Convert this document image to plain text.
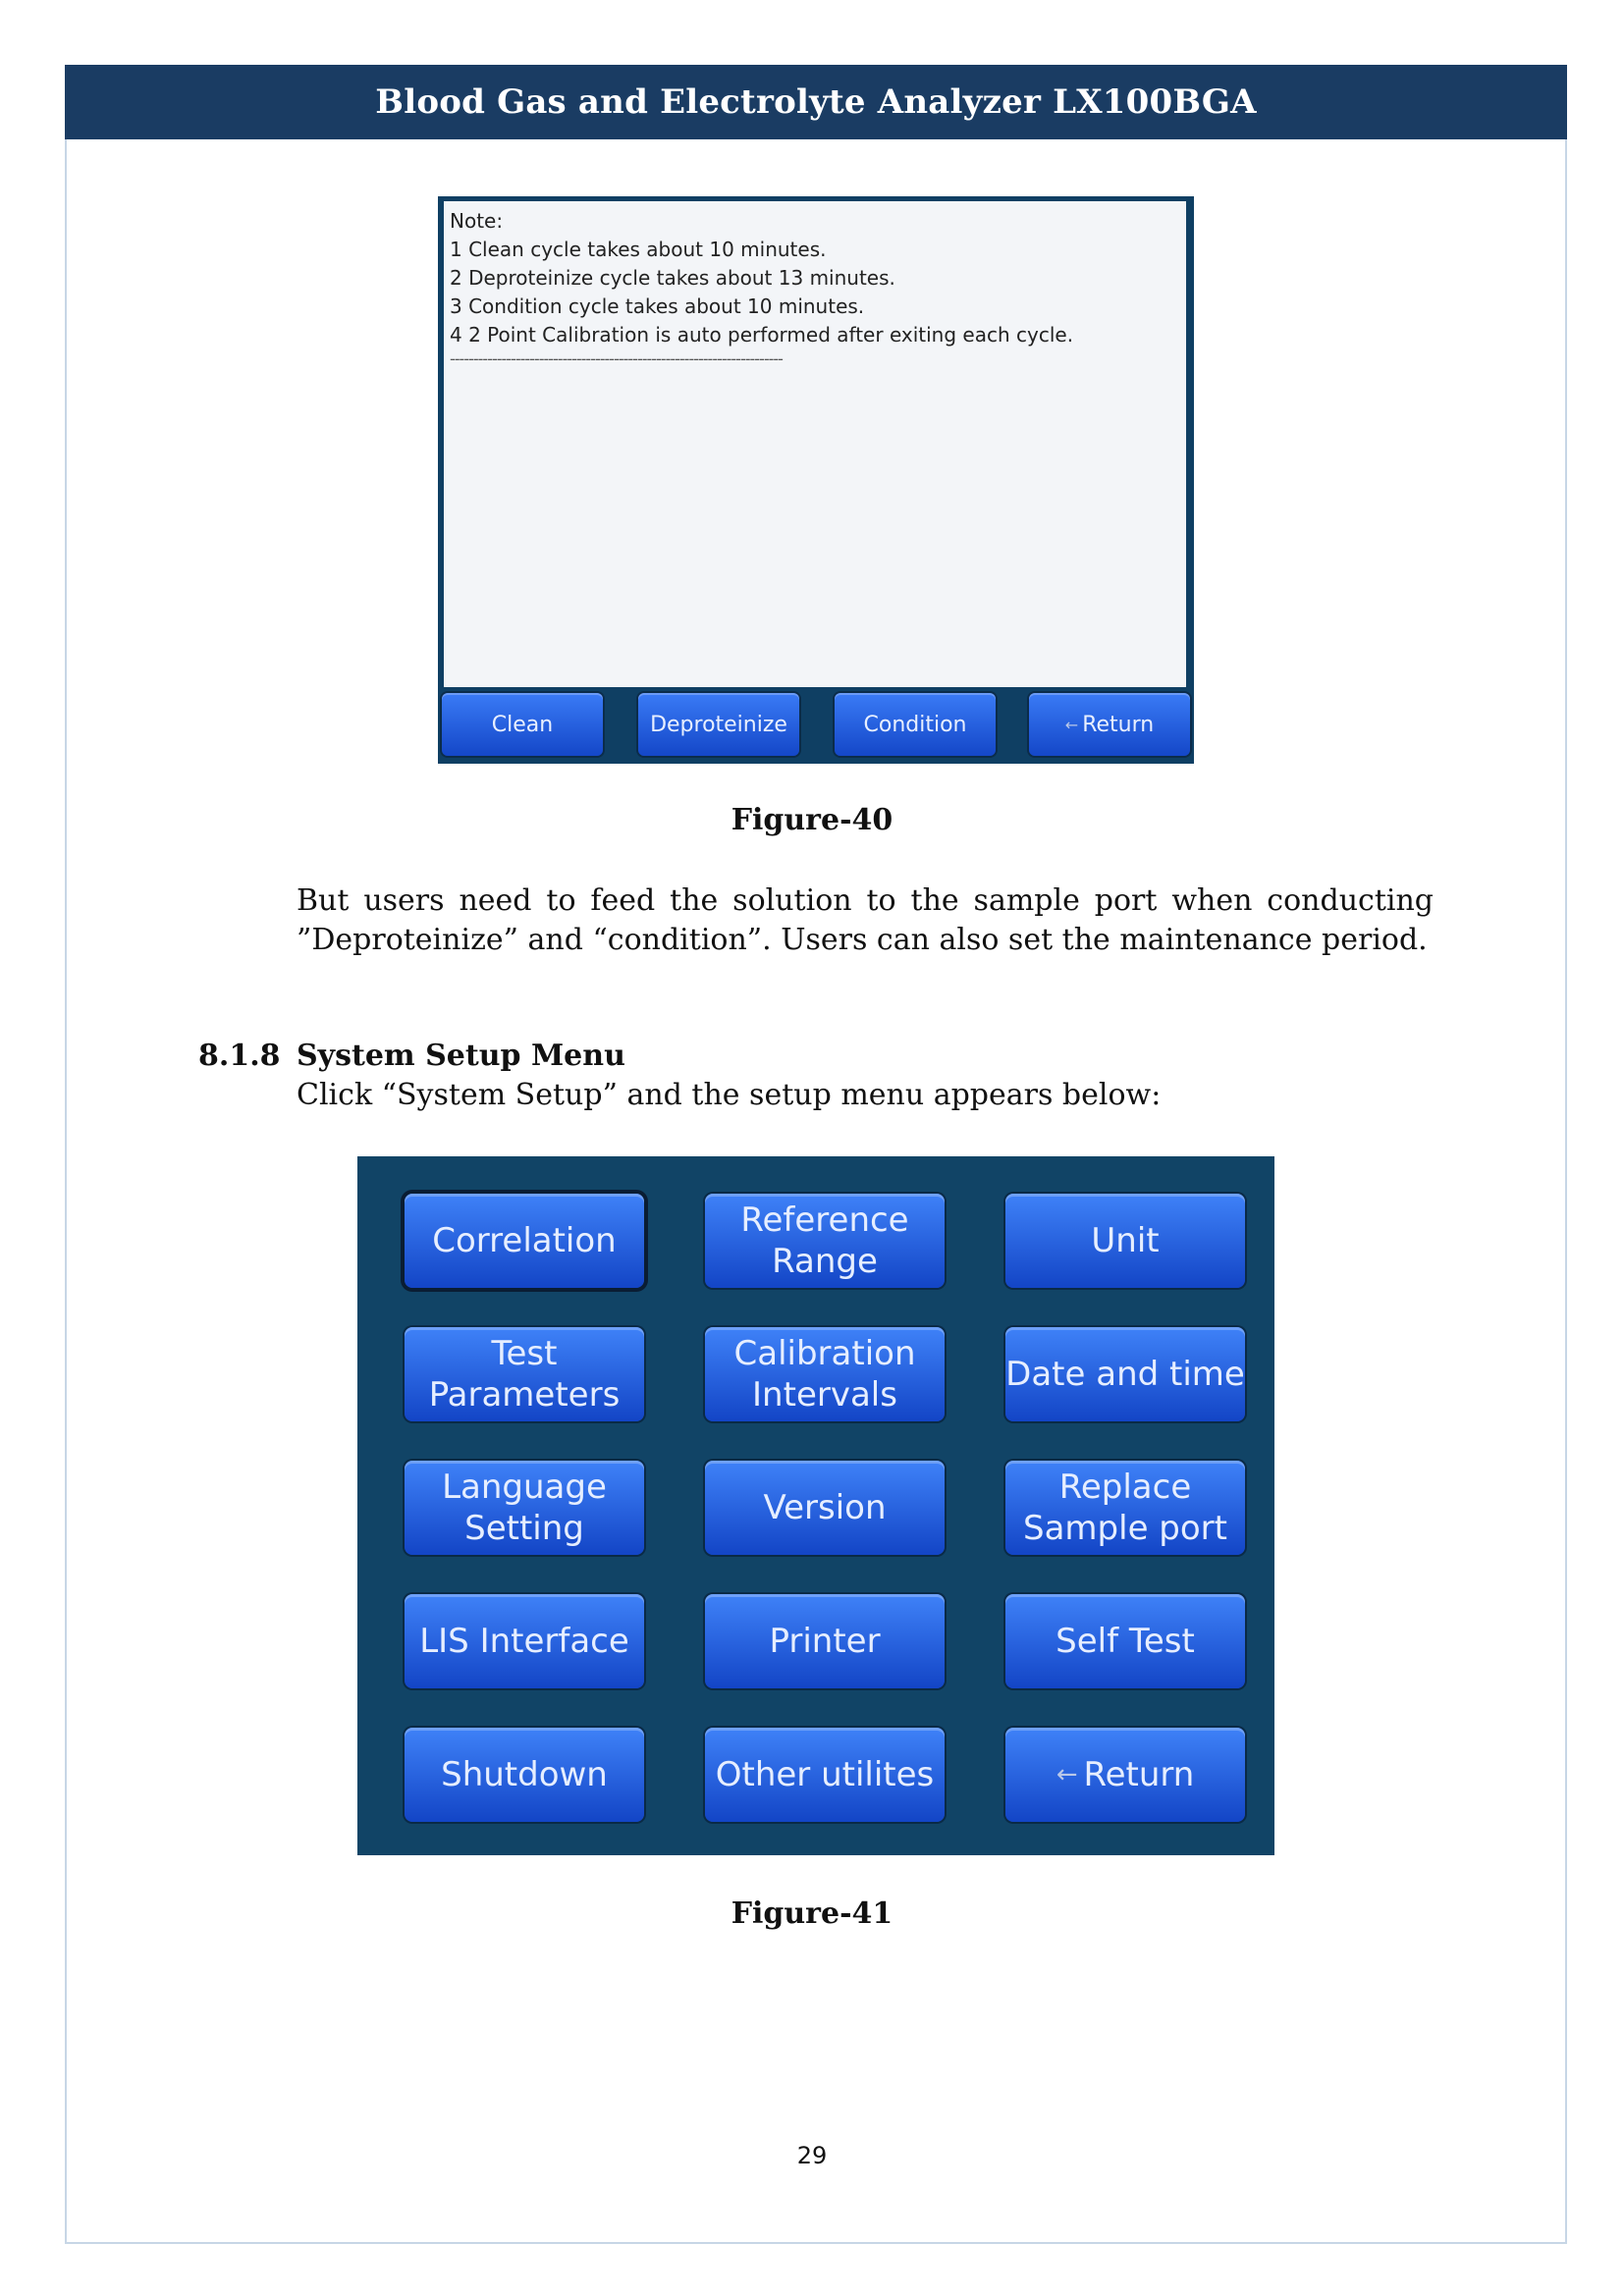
Blood Gas and Electrolyte Analyzer LX100BGA
Note:
1 Clean cycle takes about 10 minutes.
2 Deproteinize cycle takes about 13 minutes.
3 Condition cycle takes about 10 minutes.
4 2 Point Calibration is auto performed after exiting each cycle.
-----------------------------------------------------------------------
Clean	Deproteinize	Condition	← Return
Figure-40
But users need to feed the solution to the sample port when conducting ”Deproteinize” and “condition”. Users can also set the maintenance period.
8.1.8 System Setup Menu
Click “System Setup” and the setup menu appears below:
Correlation
Reference Range
Unit
Test Parameters
Calibration Intervals
Date and time
Language Setting
Version
Replace Sample port
LIS Interface	Printer	Self Test
Shutdown	Other utilites	← Return
Figure-41
29
